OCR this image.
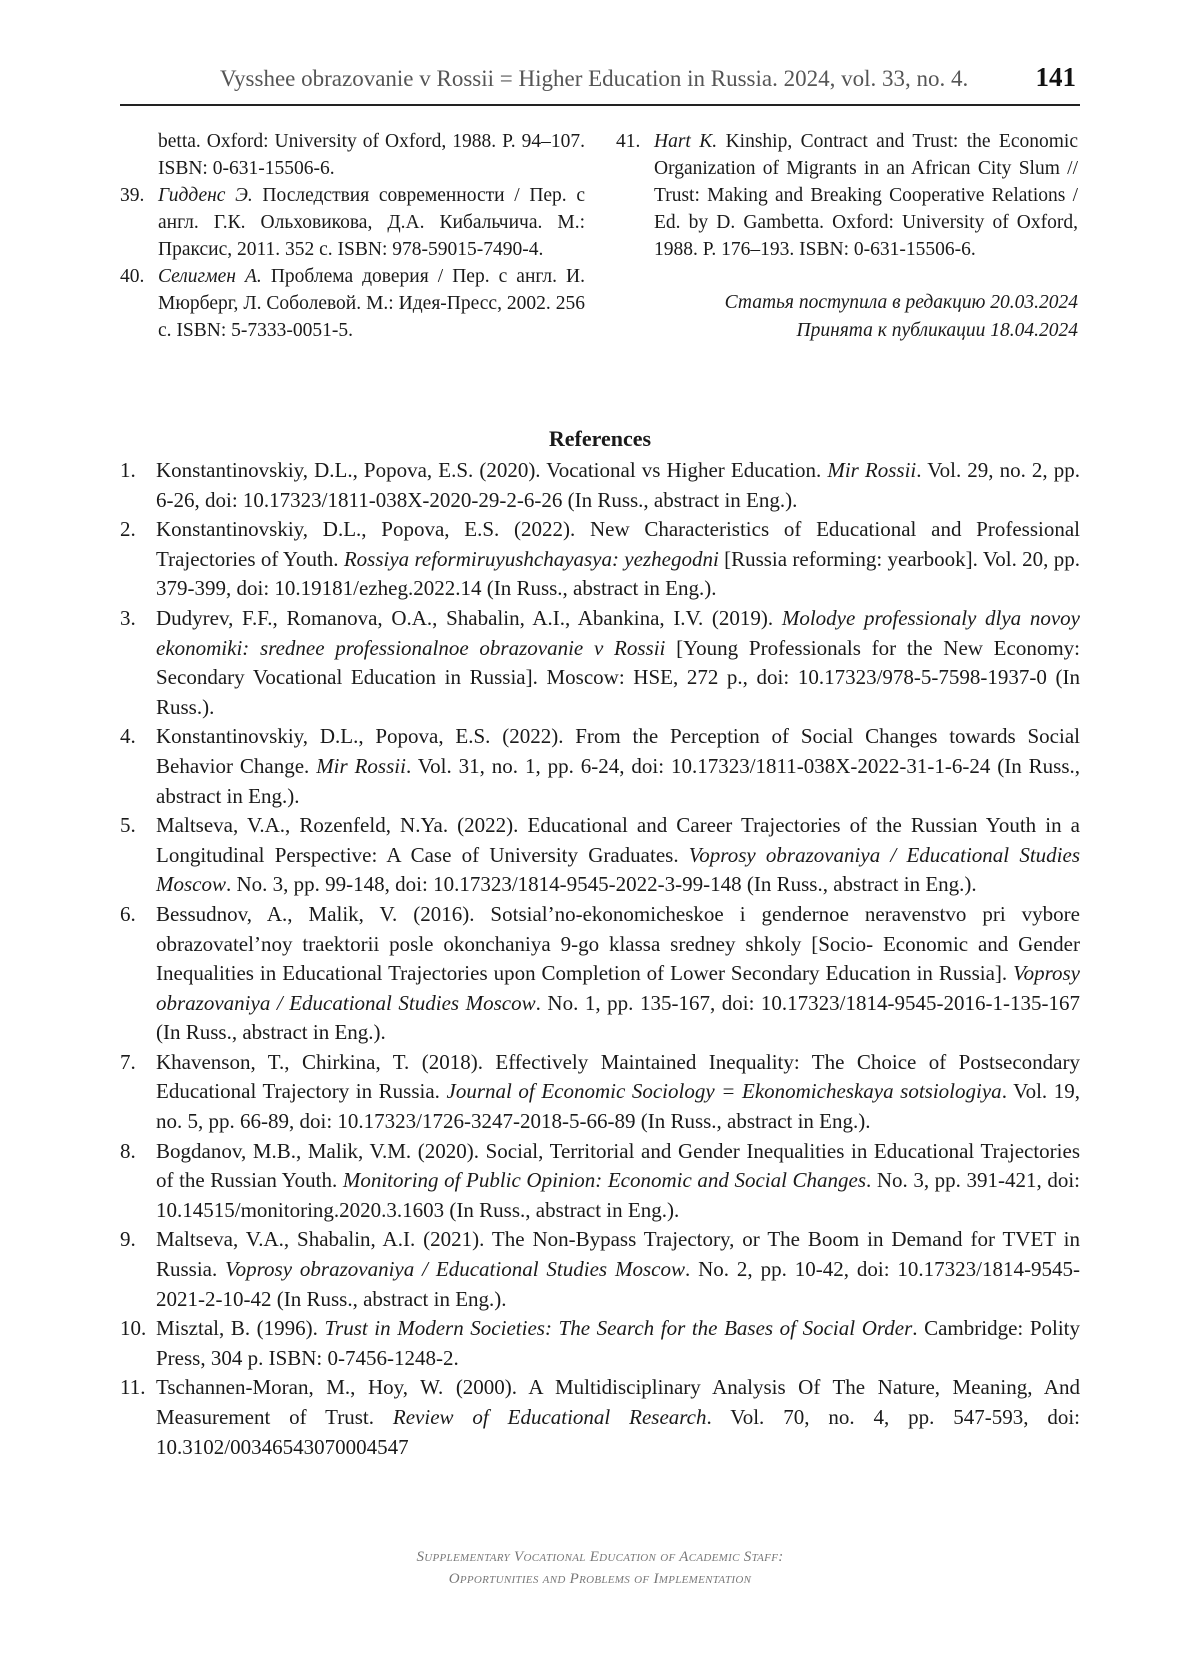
Vysshee obrazovanie v Rossii = Higher Education in Russia. 2024, vol. 33, no. 4. 141

betta. Oxford: University of Oxford, 1988. P. 94–107. ISBN: 0-631-15506-6.

39. Гидденс Э. Последствия современности / Пер. с англ. Г.К. Ольховикова, Д.А. Кибальчича. М.: Праксис, 2011. 352 с. ISBN: 978-59015-7490-4.

40. Селигмен А. Проблема доверия / Пер. с англ. И. Мюрберг, Л. Соболевой. М.: Идея-Пресс, 2002. 256 с. ISBN: 5-7333-0051-5.

41. Hart K. Kinship, Contract and Trust: the Economic Organization of Migrants in an African City Slum // Trust: Making and Breaking Cooperative Relations / Ed. by D. Gambetta. Oxford: University of Oxford, 1988. P. 176–193. ISBN: 0-631-15506-6.

Статья поступила в редакцию 20.03.2024
Принята к публикации 18.04.2024
References

1. Konstantinovskiy, D.L., Popova, E.S. (2020). Vocational vs Higher Education. Mir Rossii. Vol. 29, no. 2, pp. 6-26, doi: 10.17323/1811-038X-2020-29-2-6-26 (In Russ., abstract in Eng.).

2. Konstantinovskiy, D.L., Popova, E.S. (2022). New Characteristics of Educational and Professional Trajectories of Youth. Rossiya reformiruyushchayasya: yezhegodni [Russia reforming: yearbook]. Vol. 20, pp. 379-399, doi: 10.19181/ezheg.2022.14 (In Russ., abstract in Eng.).

3. Dudyrev, F.F., Romanova, O.A., Shabalin, A.I., Abankina, I.V. (2019). Molodye professionaly dlya novoy ekonomiki: srednee professionalnoe obrazovanie v Rossii [Young Professionals for the New Economy: Secondary Vocational Education in Russia]. Moscow: HSE, 272 p., doi: 10.17323/978-5-7598-1937-0 (In Russ.).

4. Konstantinovskiy, D.L., Popova, E.S. (2022). From the Perception of Social Changes towards Social Behavior Change. Mir Rossii. Vol. 31, no. 1, pp. 6-24, doi: 10.17323/1811-038X-2022-31-1-6-24 (In Russ., abstract in Eng.).

5. Maltseva, V.A., Rozenfeld, N.Ya. (2022). Educational and Career Trajectories of the Russian Youth in a Longitudinal Perspective: A Case of University Graduates. Voprosy obrazovaniya / Educational Studies Moscow. No. 3, pp. 99-148, doi: 10.17323/1814-9545-2022-3-99-148 (In Russ., abstract in Eng.).

6. Bessudnov, A., Malik, V. (2016). Sotsial’no-ekonomicheskoe i gendernoe neravenstvo pri vybore obrazovatel’noy traektorii posle okonchaniya 9-go klassa sredney shkoly [Socio- Economic and Gender Inequalities in Educational Trajectories upon Completion of Lower Secondary Education in Russia]. Voprosy obrazovaniya / Educational Studies Moscow. No. 1, pp. 135-167, doi: 10.17323/1814-9545-2016-1-135-167 (In Russ., abstract in Eng.).

7. Khavenson, T., Chirkina, T. (2018). Effectively Maintained Inequality: The Choice of Postsecondary Educational Trajectory in Russia. Journal of Economic Sociology = Ekonomicheskaya sotsiologiya. Vol. 19, no. 5, pp. 66-89, doi: 10.17323/1726-3247-2018-5-66-89 (In Russ., abstract in Eng.).

8. Bogdanov, M.B., Malik, V.M. (2020). Social, Territorial and Gender Inequalities in Educational Trajectories of the Russian Youth. Monitoring of Public Opinion: Economic and Social Changes. No. 3, pp. 391-421, doi: 10.14515/monitoring.2020.3.1603 (In Russ., abstract in Eng.).

9. Maltseva, V.A., Shabalin, A.I. (2021). The Non-Bypass Trajectory, or The Boom in Demand for TVET in Russia. Voprosy obrazovaniya / Educational Studies Moscow. No. 2, pp. 10-42, doi: 10.17323/1814-9545-2021-2-10-42 (In Russ., abstract in Eng.).

10. Misztal, B. (1996). Trust in Modern Societies: The Search for the Bases of Social Order. Cambridge: Polity Press, 304 p. ISBN: 0-7456-1248-2.

11. Tschannen-Moran, M., Hoy, W. (2000). A Multidisciplinary Analysis Of The Nature, Meaning, And Measurement of Trust. Review of Educational Research. Vol. 70, no. 4, pp. 547-593, doi: 10.3102/00346543070004547

Supplementary Vocational Education of Academic Staff:
Opportunities and Problems of Implementation
